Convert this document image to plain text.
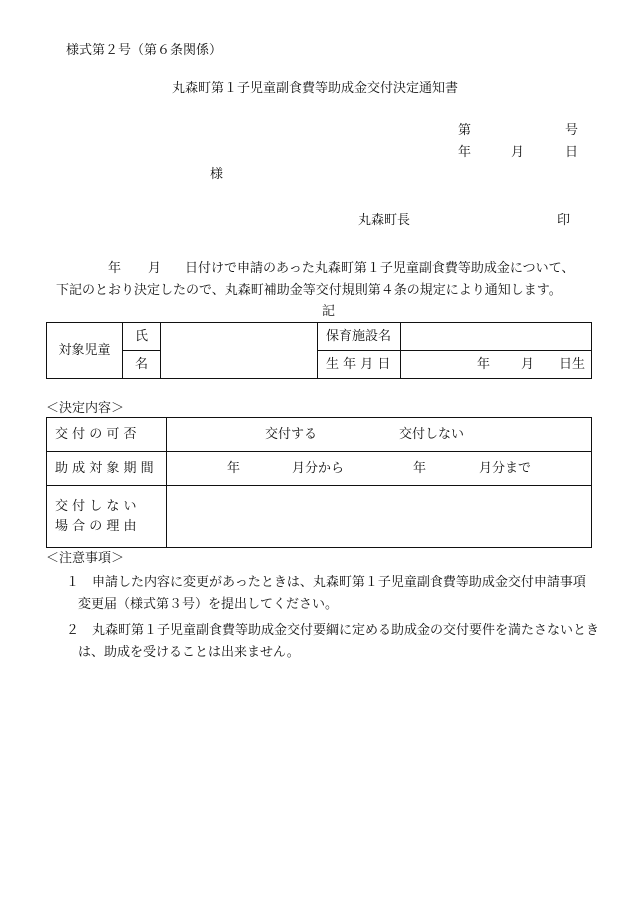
様式第２号（第６条関係）
丸森町第１子児童副食費等助成金交付決定通知書
第	号
年	月	日
様
丸森町長	印
年 月 日付けで申請のあった丸森町第１子児童副食費等助成金について、
下記のとおり決定したので、丸森町補助金等交付規則第４条の規定により通知します。
記
対象児童	氏		保育施設名	
	名		生 年 月 日	年 月 日生
＜決定内容＞
交 付 の 可 否	交付する 交付しない

助 成 対 象 期 間	年 月分から 年 月分まで

交 付 し な い
場 合 の 理 由	

＜注意事項＞
１ 申請した内容に変更があったときは、丸森町第１子児童副食費等助成金交付申請事項
変更届（様式第３号）を提出してください。
２ 丸森町第１子児童副食費等助成金交付要綱に定める助成金の交付要件を満たさないとき
は、助成を受けることは出来ません。
